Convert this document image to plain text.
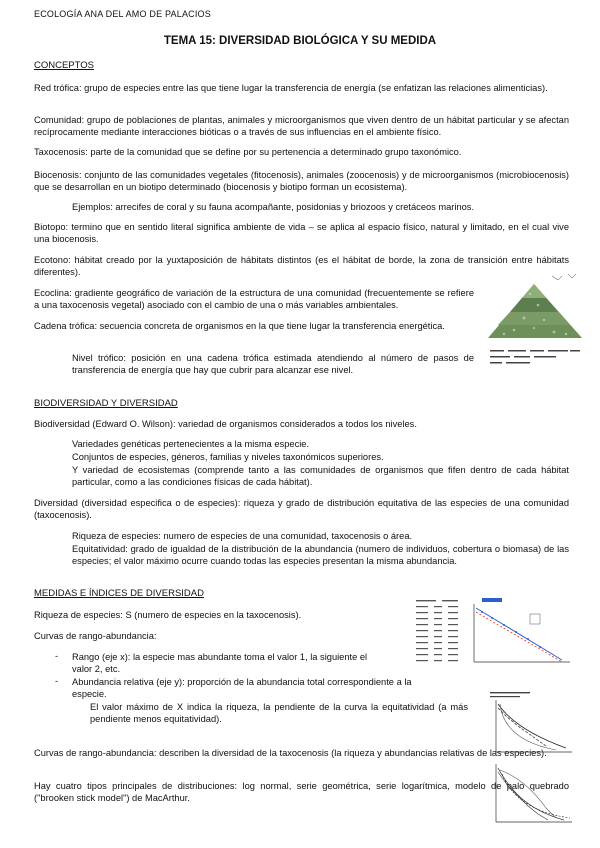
ECOLOGÍA ANA DEL AMO DE PALACIOS
TEMA 15: DIVERSIDAD BIOLÓGICA Y SU MEDIDA
CONCEPTOS
Red trófica: grupo de especies entre las que tiene lugar la transferencia de energía (se enfatizan las relaciones alimenticias).
Comunidad: grupo de poblaciones de plantas, animales y microorganismos que viven dentro de un hábitat particular y se afectan recíprocamente mediante interacciones bióticas o a través de sus influencias en el ambiente físico.
Taxocenosis: parte de la comunidad que se define por su pertenencia a determinado grupo taxonómico.
Biocenosis: conjunto de las comunidades vegetales (fitocenosis), animales (zoocenosis) y de microorganismos (microbiocenosis) que se desarrollan en un biotipo determinado (biocenosis y biotipo forman un ecosistema).
Ejemplos: arrecifes de coral y su fauna acompañante, posidonias y briozoos y cretáceos marinos.
Biotopo: termino que en sentido literal significa ambiente de vida – se aplica al espacio físico, natural y limitado, en el cual vive una biocenosis.
Ecotono: hábitat creado por la yuxtaposición de hábitats distintos (es el hábitat de borde, la zona de transición entre hábitats diferentes).
Ecoclina: gradiente geográfico de variación de la estructura de una comunidad (frecuentemente se refiere a una taxocenosis vegetal) asociado con el cambio de una o más variables ambientales.
Cadena trófica: secuencia concreta de organismos en la que tiene lugar la transferencia energética.
Nivel trófico: posición en una cadena trófica estimada atendiendo al número de pasos de transferencia de energía que hay que cubrir para alcanzar ese nivel.
BIODIVERSIDAD Y DIVERSIDAD
Biodiversidad (Edward O. Wilson): variedad de organismos considerados a todos los niveles.
Variedades genéticas pertenecientes a la misma especie.
Conjuntos de especies, géneros, familias y niveles taxonómicos superiores.
Y variedad de ecosistemas (comprende tanto a las comunidades de organismos que fifen dentro de cada hábitat particular, como a las condiciones físicas de cada hábitat).
Diversidad (diversidad especifica o de especies): riqueza y grado de distribución equitativa de las especies de una comunidad (taxocenosis).
Riqueza de especies: numero de especies de una comunidad, taxocenosis o área.
Equitatividad: grado de igualdad de la distribución de la abundancia (numero de individuos, cobertura o biomasa) de las especies; el valor máximo ocurre cuando todas las especies presentan la misma abundancia.
MEDIDAS E ÍNDICES DE DIVERSIDAD
Riqueza de especies: S (numero de especies en la taxocenosis).
Curvas de rango-abundancia:
- Rango (eje x): la especie mas abundante toma el valor 1, la siguiente el valor 2, etc.
- Abundancia relativa (eje y): proporción de la abundancia total correspondiente a la especie.
El valor máximo de X indica la riqueza, la pendiente de la curva la equitatividad (a más pendiente menos equitatividad).
Curvas de rango-abundancia: describen la diversidad de la taxocenosis (la riqueza y abundancias relativas de las especies).
Hay cuatro tipos principales de distribuciones: log normal, serie geométrica, serie logarítmica, modelo de palo quebrado ("brooken stick model") de MacArthur.
